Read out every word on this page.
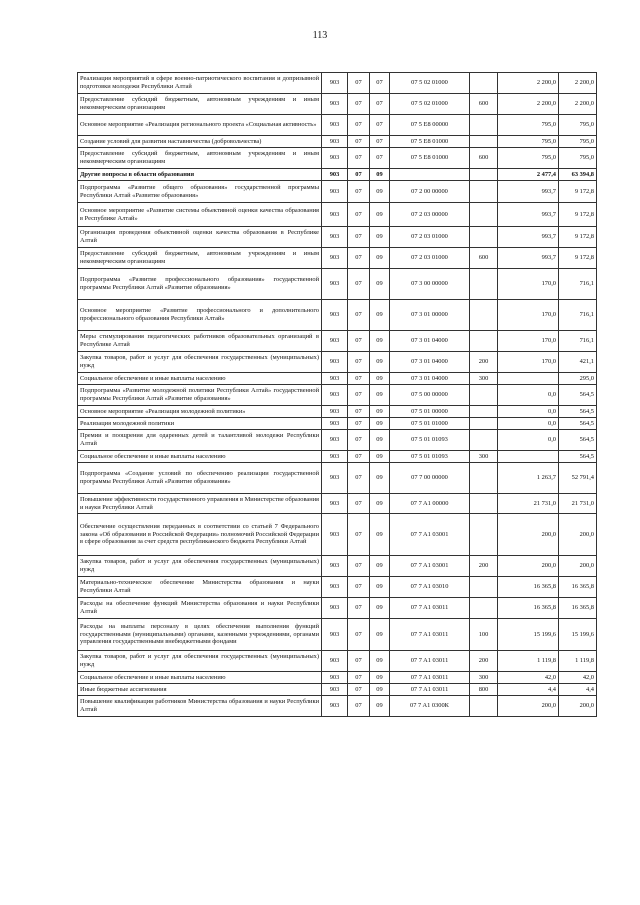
113
Реализация мероприятий в сфере военно-патриотического воспитания и допризывной подготовки молодежи Республики Алтай	903	07	07	07 5 02 01000		2 200,0	2 200,0
Предоставление субсидий бюджетным, автономным учреждениям и иным некоммерческим организациям	903	07	07	07 5 02 01000	600	2 200,0	2 200,0
Основное мероприятие «Реализация регионального проекта «Социальная активность»	903	07	07	07 5 E8 00000		795,0	795,0
Создание условий для развития наставничества (добровольчества)	903	07	07	07 5 E8 01000		795,0	795,0
Предоставление субсидий бюджетным, автономным учреждениям и иным некоммерческим организациям	903	07	07	07 5 E8 01000	600	795,0	795,0
Другие вопросы в области образования	903	07	09			2 477,4	63 394,8
Подпрограмма «Развитие общего образования» государственной программы Республики Алтай «Развитие образования»	903	07	09	07 2 00 00000		993,7	9 172,8
Основное мероприятие «Развитие системы объективной оценки качества образования в Республике Алтай»	903	07	09	07 2 03 00000		993,7	9 172,8
Организация проведения объективной оценки качества образования в Республике Алтай	903	07	09	07 2 03 01000		993,7	9 172,8
Предоставление субсидий бюджетным, автономным учреждениям и иным некоммерческим организациям	903	07	09	07 2 03 01000	600	993,7	9 172,8
Подпрограмма «Развитие профессионального образования» государственной программы Республики Алтай «Развитие образования»	903	07	09	07 3 00 00000		170,0	716,1
Основное мероприятие «Развитие профессионального и дополнительного профессионального образования Республики Алтай»	903	07	09	07 3 01 00000		170,0	716,1
Меры стимулирования педагогических работников образовательных организаций в Республике Алтай	903	07	09	07 3 01 04000		170,0	716,1
Закупка товаров, работ и услуг для обеспечения государственных (муниципальных) нужд	903	07	09	07 3 01 04000	200	170,0	421,1
Социальное обеспечение и иные выплаты населению	903	07	09	07 3 01 04000	300		295,0
Подпрограмма «Развитие молодежной политики Республики Алтай» государственной программы Республики Алтай «Развитие образования»	903	07	09	07 5 00 00000		0,0	564,5
Основное мероприятие «Реализация молодежной политики»	903	07	09	07 5 01 00000		0,0	564,5
Реализация молодежной политики	903	07	09	07 5 01 01000		0,0	564,5
Премии и поощрения для одаренных детей и талантливой молодежи Республики Алтай	903	07	09	07 5 01 01093		0,0	564,5
Социальное обеспечение и иные выплаты населению	903	07	09	07 5 01 01093	300		564,5
Подпрограмма «Создание условий по обеспечению реализации государственной программы Республики Алтай «Развитие образования»	903	07	09	07 7 00 00000		1 263,7	52 791,4
Повышение эффективности государственного управления в Министерстве образования и науки Республики Алтай	903	07	09	07 7 A1 00000		21 731,0	21 731,0
Обеспечение осуществления переданных в соответствии со статьей 7 Федерального закона «Об образовании в Российской Федерации» полномочий Российской Федерации в сфере образования за счет средств республиканского бюджета Республики Алтай	903	07	09	07 7 A1 03001		200,0	200,0
Закупка товаров, работ и услуг для обеспечения государственных (муниципальных) нужд	903	07	09	07 7 A1 03001	200	200,0	200,0
Материально-техническое обеспечение Министерства образования и науки Республики Алтай	903	07	09	07 7 A1 03010		16 365,8	16 365,8
Расходы на обеспечение функций Министерства образования и науки Республики Алтай	903	07	09	07 7 A1 03011		16 365,8	16 365,8
Расходы на выплаты персоналу в целях обеспечения выполнения функций государственными (муниципальными) органами, казенными учреждениями, органами управления государственными внебюджетными фондами	903	07	09	07 7 A1 03011	100	15 199,6	15 199,6
Закупка товаров, работ и услуг для обеспечения государственных (муниципальных) нужд	903	07	09	07 7 A1 03011	200	1 119,8	1 119,8
Социальное обеспечение и иные выплаты населению	903	07	09	07 7 A1 03011	300	42,0	42,0
Иные бюджетные ассигнования	903	07	09	07 7 A1 03011	800	4,4	4,4
Повышение квалификации работников Министерства образования и науки Республики Алтай	903	07	09	07 7 A1 0300К		200,0	200,0
